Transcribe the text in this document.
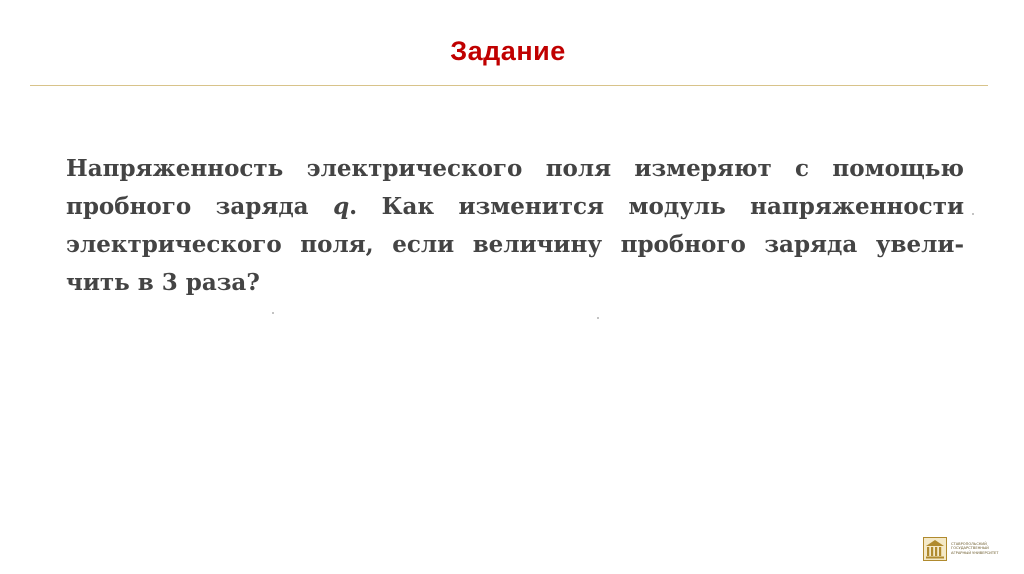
Задание
Напряженность электрического поля измеряют с помощью
пробного заряда q. Как изменится модуль напряженности
электрического поля, если величину пробного заряда увели-
чить в 3 раза?
СТАВРОПОЛЬСКИЙ
ГОСУДАРСТВЕННЫЙ
АГРАРНЫЙ УНИВЕРСИТЕТ
